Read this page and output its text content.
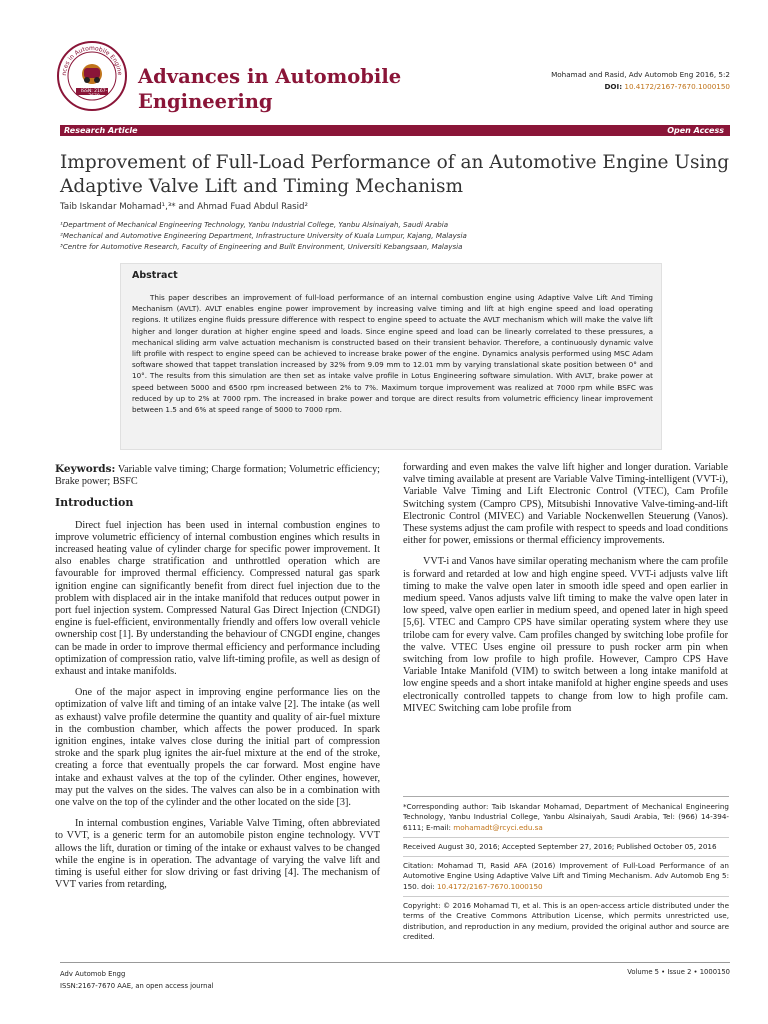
nces in Automobile Engine
ISSN: 2167-7670
Advances in Automobile Engineering
Mohamad and Rasid, Adv Automob Eng 2016, 5:2
DOI: 10.4172/2167-7670.1000150
Research Article	Open Access
Improvement of Full-Load Performance of an Automotive Engine Using Adaptive Valve Lift and Timing Mechanism
Taib Iskandar Mohamad¹,³* and Ahmad Fuad Abdul Rasid²
¹Department of Mechanical Engineering Technology, Yanbu Industrial College, Yanbu Alsinaiyah, Saudi Arabia
²Mechanical and Automotive Engineering Department, Infrastructure University of Kuala Lumpur, Kajang, Malaysia
³Centre for Automotive Research, Faculty of Engineering and Built Environment, Universiti Kebangsaan, Malaysia
Abstract
This paper describes an improvement of full-load performance of an internal combustion engine using Adaptive Valve Lift And Timing Mechanism (AVLT). AVLT enables engine power improvement by increasing valve timing and lift at high engine speed and load operating regions. It utilizes engine fluids pressure difference with respect to engine speed to actuate the AVLT mechanism which will make the valve lift higher and longer duration at higher engine speed and loads. Since engine speed and load can be linearly correlated to these pressures, a mechanical sliding arm valve actuation mechanism is constructed based on their transient behavior. Therefore, a continuously dynamic valve lift profile with respect to engine speed can be achieved to increase brake power of the engine. Dynamics analysis performed using MSC Adam software showed that tappet translation increased by 32% from 9.09 mm to 12.01 mm by varying translational skate position between 0° and 10°. The results from this simulation are then set as intake valve profile in Lotus Engineering software simulation. With AVLT, brake power at speed between 5000 and 6500 rpm increased between 2% to 7%. Maximum torque improvement was realized at 7000 rpm while BSFC was reduced by up to 2% at 7000 rpm. The increased in brake power and torque are direct results from volumetric efficiency linear improvement between 1.5 and 6% at speed range of 5000 to 7000 rpm.

Keywords: Variable valve timing; Charge formation; Volumetric efficiency; Brake power; BSFC

Introduction

Direct fuel injection has been used in internal combustion engines to improve volumetric efficiency of internal combustion engines which results in increased heating value of cylinder charge for specific power improvement. It also enables charge stratification and unthrottled operation which are favourable for improved thermal efficiency. Compressed natural gas spark ignition engine can significantly benefit from direct fuel injection due to the problem with displaced air in the intake manifold that reduces output power in port fuel injection system. Compressed Natural Gas Direct Injection (CNDGI) engine is fuel-efficient, environmentally friendly and offers low overall vehicle ownership cost [1]. By understanding the behaviour of CNGDI engine, changes can be made in order to improve thermal efficiency and performance including optimization of compression ratio, valve lift-timing profile, as well as design of exhaust and intake manifolds.

One of the major aspect in improving engine performance lies on the optimization of valve lift and timing of an intake valve [2]. The intake (as well as exhaust) valve profile determine the quantity and quality of air-fuel mixture in the combustion chamber, which affects the power produced. In spark ignition engines, intake valves close during the initial part of compression stroke and the spark plug ignites the air-fuel mixture at the end of the stroke, creating a force that eventually propels the car forward. Most engine have intake and exhaust valves at the top of the cylinder. Other engines, however, may put the valves on the sides. The valves can also be in a combination with one valve on the top of the cylinder and the other located on the side [3].

In internal combustion engines, Variable Valve Timing, often abbreviated to VVT, is a generic term for an automobile piston engine technology. VVT allows the lift, duration or timing of the intake or exhaust valves to be changed while the engine is in operation. The advantage of varying the valve lift and timing is useful either for slow driving or fast driving [4]. The mechanism of VVT varies from retarding,

forwarding and even makes the valve lift higher and longer duration. Variable valve timing available at present are Variable Valve Timing-intelligent (VVT-i), Variable Valve Timing and Lift Electronic Control (VTEC), Cam Profile Switching system (Campro CPS), Mitsubishi Innovative Valve-timing-and-lift Electronic Control (MIVEC) and Variable Nockenwellen Steuerung (Vanos). These systems adjust the cam profile with respect to speeds and load conditions either for power, emissions or thermal efficiency improvements.

VVT-i and Vanos have similar operating mechanism where the cam profile is forward and retarded at low and high engine speed. VVT-i adjusts valve lift timing to make the valve open later in smooth idle speed and open earlier in medium speed. Vanos adjusts valve lift timing to make the valve open later in low speed, valve open earlier in medium speed, and opened later in high speed [5,6]. VTEC and Campro CPS have similar operating system where they use trilobe cam for every valve. Cam profiles changed by switching lobe profile for the valve. VTEC Uses engine oil pressure to push rocker arm pin when switching from low profile to high profile. However, Campro CPS Have Variable Intake Manifold (VIM) to switch between a long intake manifold at low engine speeds and a short intake manifold at higher engine speeds and uses electronically controlled tappets to change from low to high profile cam. MIVEC Switching cam lobe profile from

*Corresponding author: Taib Iskandar Mohamad, Department of Mechanical Engineering Technology, Yanbu Industrial College, Yanbu Alsinaiyah, Saudi Arabia, Tel: (966) 14-394-6111; E-mail: mohamadt@rcyci.edu.sa

Received August 30, 2016; Accepted September 27, 2016; Published October 05, 2016

Citation: Mohamad TI, Rasid AFA (2016) Improvement of Full-Load Performance of an Automotive Engine Using Adaptive Valve Lift and Timing Mechanism. Adv Automob Eng 5: 150. doi: 10.4172/2167-7670.1000150

Copyright: © 2016 Mohamad TI, et al. This is an open-access article distributed under the terms of the Creative Commons Attribution License, which permits unrestricted use, distribution, and reproduction in any medium, provided the original author and source are credited.

Adv Automob Engg
ISSN:2167-7670 AAE, an open access journal
Volume 5 • Issue 2 • 1000150
